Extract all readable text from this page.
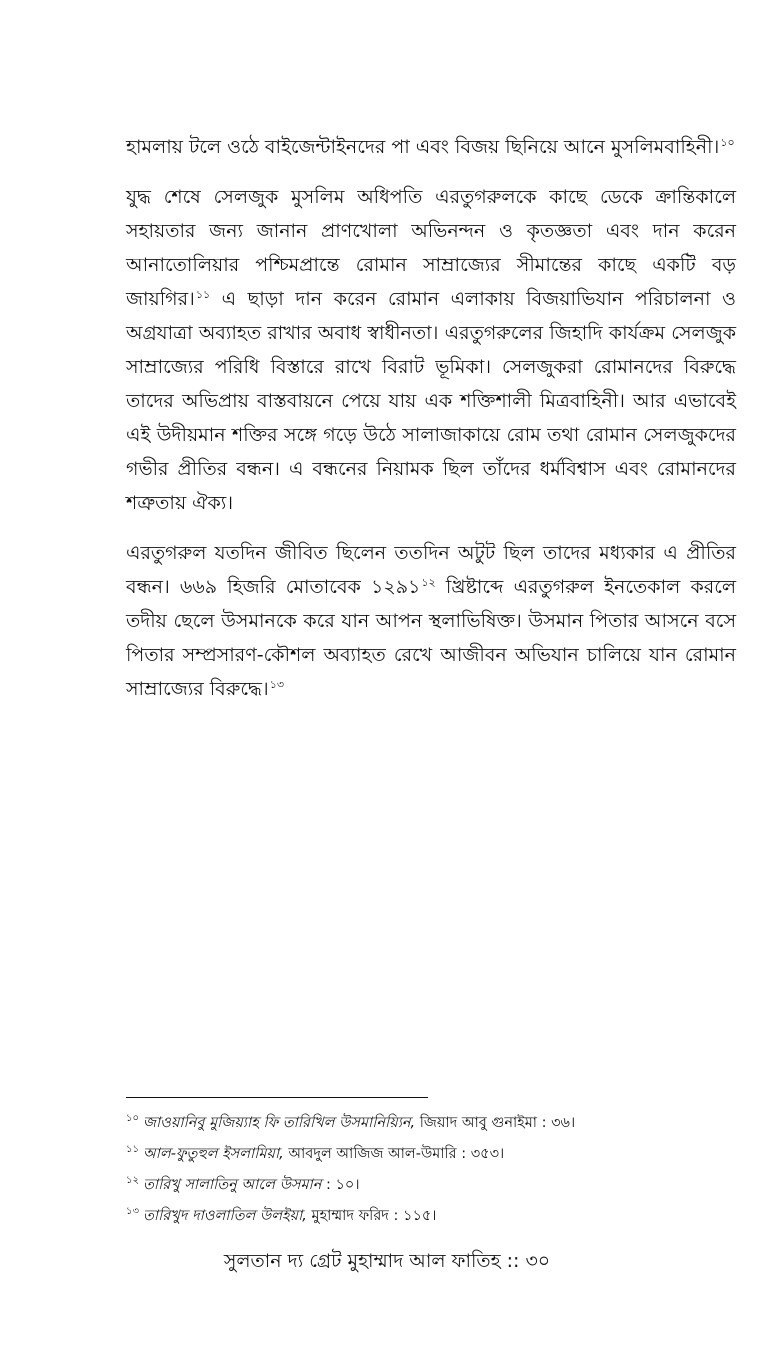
হামলায় টলে ওঠে বাইজেন্টাইনদের পা এবং বিজয় ছিনিয়ে আনে মুসলিমবাহিনী।$^{১০}$

যুদ্ধ শেষে সেলজুক মুসলিম অধিপতি এরতুগরুলকে কাছে ডেকে ক্রান্তিকালে সহায়তার জন্য জানান প্রাণখোলা অভিনন্দন ও কৃতজ্ঞতা এবং দান করেন আনাতোলিয়ার পশ্চিমপ্রান্তে রোমান সাম্রাজ্যের সীমান্তের কাছে একটি বড় জায়গির।$^{১১}$ এ ছাড়া দান করেন রোমান এলাকায় বিজয়াভিযান পরিচালনা ও অগ্রযাত্রা অব্যাহত রাখার অবাধ স্বাধীনতা। এরতুগরুলের জিহাদি কার্যক্রম সেলজুক সাম্রাজ্যের পরিধি বিস্তারে রাখে বিরাট ভূমিকা। সেলজুকরা রোমানদের বিরুদ্ধে তাদের অভিপ্রায় বাস্তবায়নে পেয়ে যায় এক শক্তিশালী মিত্রবাহিনী। আর এভাবেই এই উদীয়মান শক্তির সঙ্গে গড়ে উঠে সালাজাকায়ে রোম তথা রোমান সেলজুকদের গভীর প্রীতির বন্ধন। এ বন্ধনের নিয়ামক ছিল তাঁদের ধর্মবিশ্বাস এবং রোমানদের শত্রুতায় ঐক্য।

এরতুগরুল যতদিন জীবিত ছিলেন ততদিন অটুট ছিল তাদের মধ্যকার এ প্রীতির বন্ধন। ৬৬৯ হিজরি মোতাবেক ১২৯১$^{১২}$ খ্রিষ্টাব্দে এরতুগরুল ইনতেকাল করলে তদীয় ছেলে উসমানকে করে যান আপন স্থলাভিষিক্ত। উসমান পিতার আসনে বসে পিতার সম্প্রসারণ-কৌশল অব্যাহত রেখে আজীবন অভিযান চালিয়ে যান রোমান সাম্রাজ্যের বিরুদ্ধে।$^{১৩}$

$^{১০}$ জাওয়ানিবু মুজিয়্যাহ ফি তারিখিল উসমানিয়্যিন, জিয়াদ আবু গুনাইমা : ৩৬।

$^{১১}$ আল-ফুতুহুল ইসলামিয়া, আবদুল আজিজ আল-উমারি : ৩৫৩।

$^{১২}$ তারিখু সালাতিনু আলে উসমান : ১০।

$^{১৩}$ তারিখুদ দাওলাতিল উলইয়া, মুহাম্মাদ ফরিদ : ১১৫।

সুলতান দ্য গ্রেট মুহাম্মাদ আল ফাতিহ :: ৩০
